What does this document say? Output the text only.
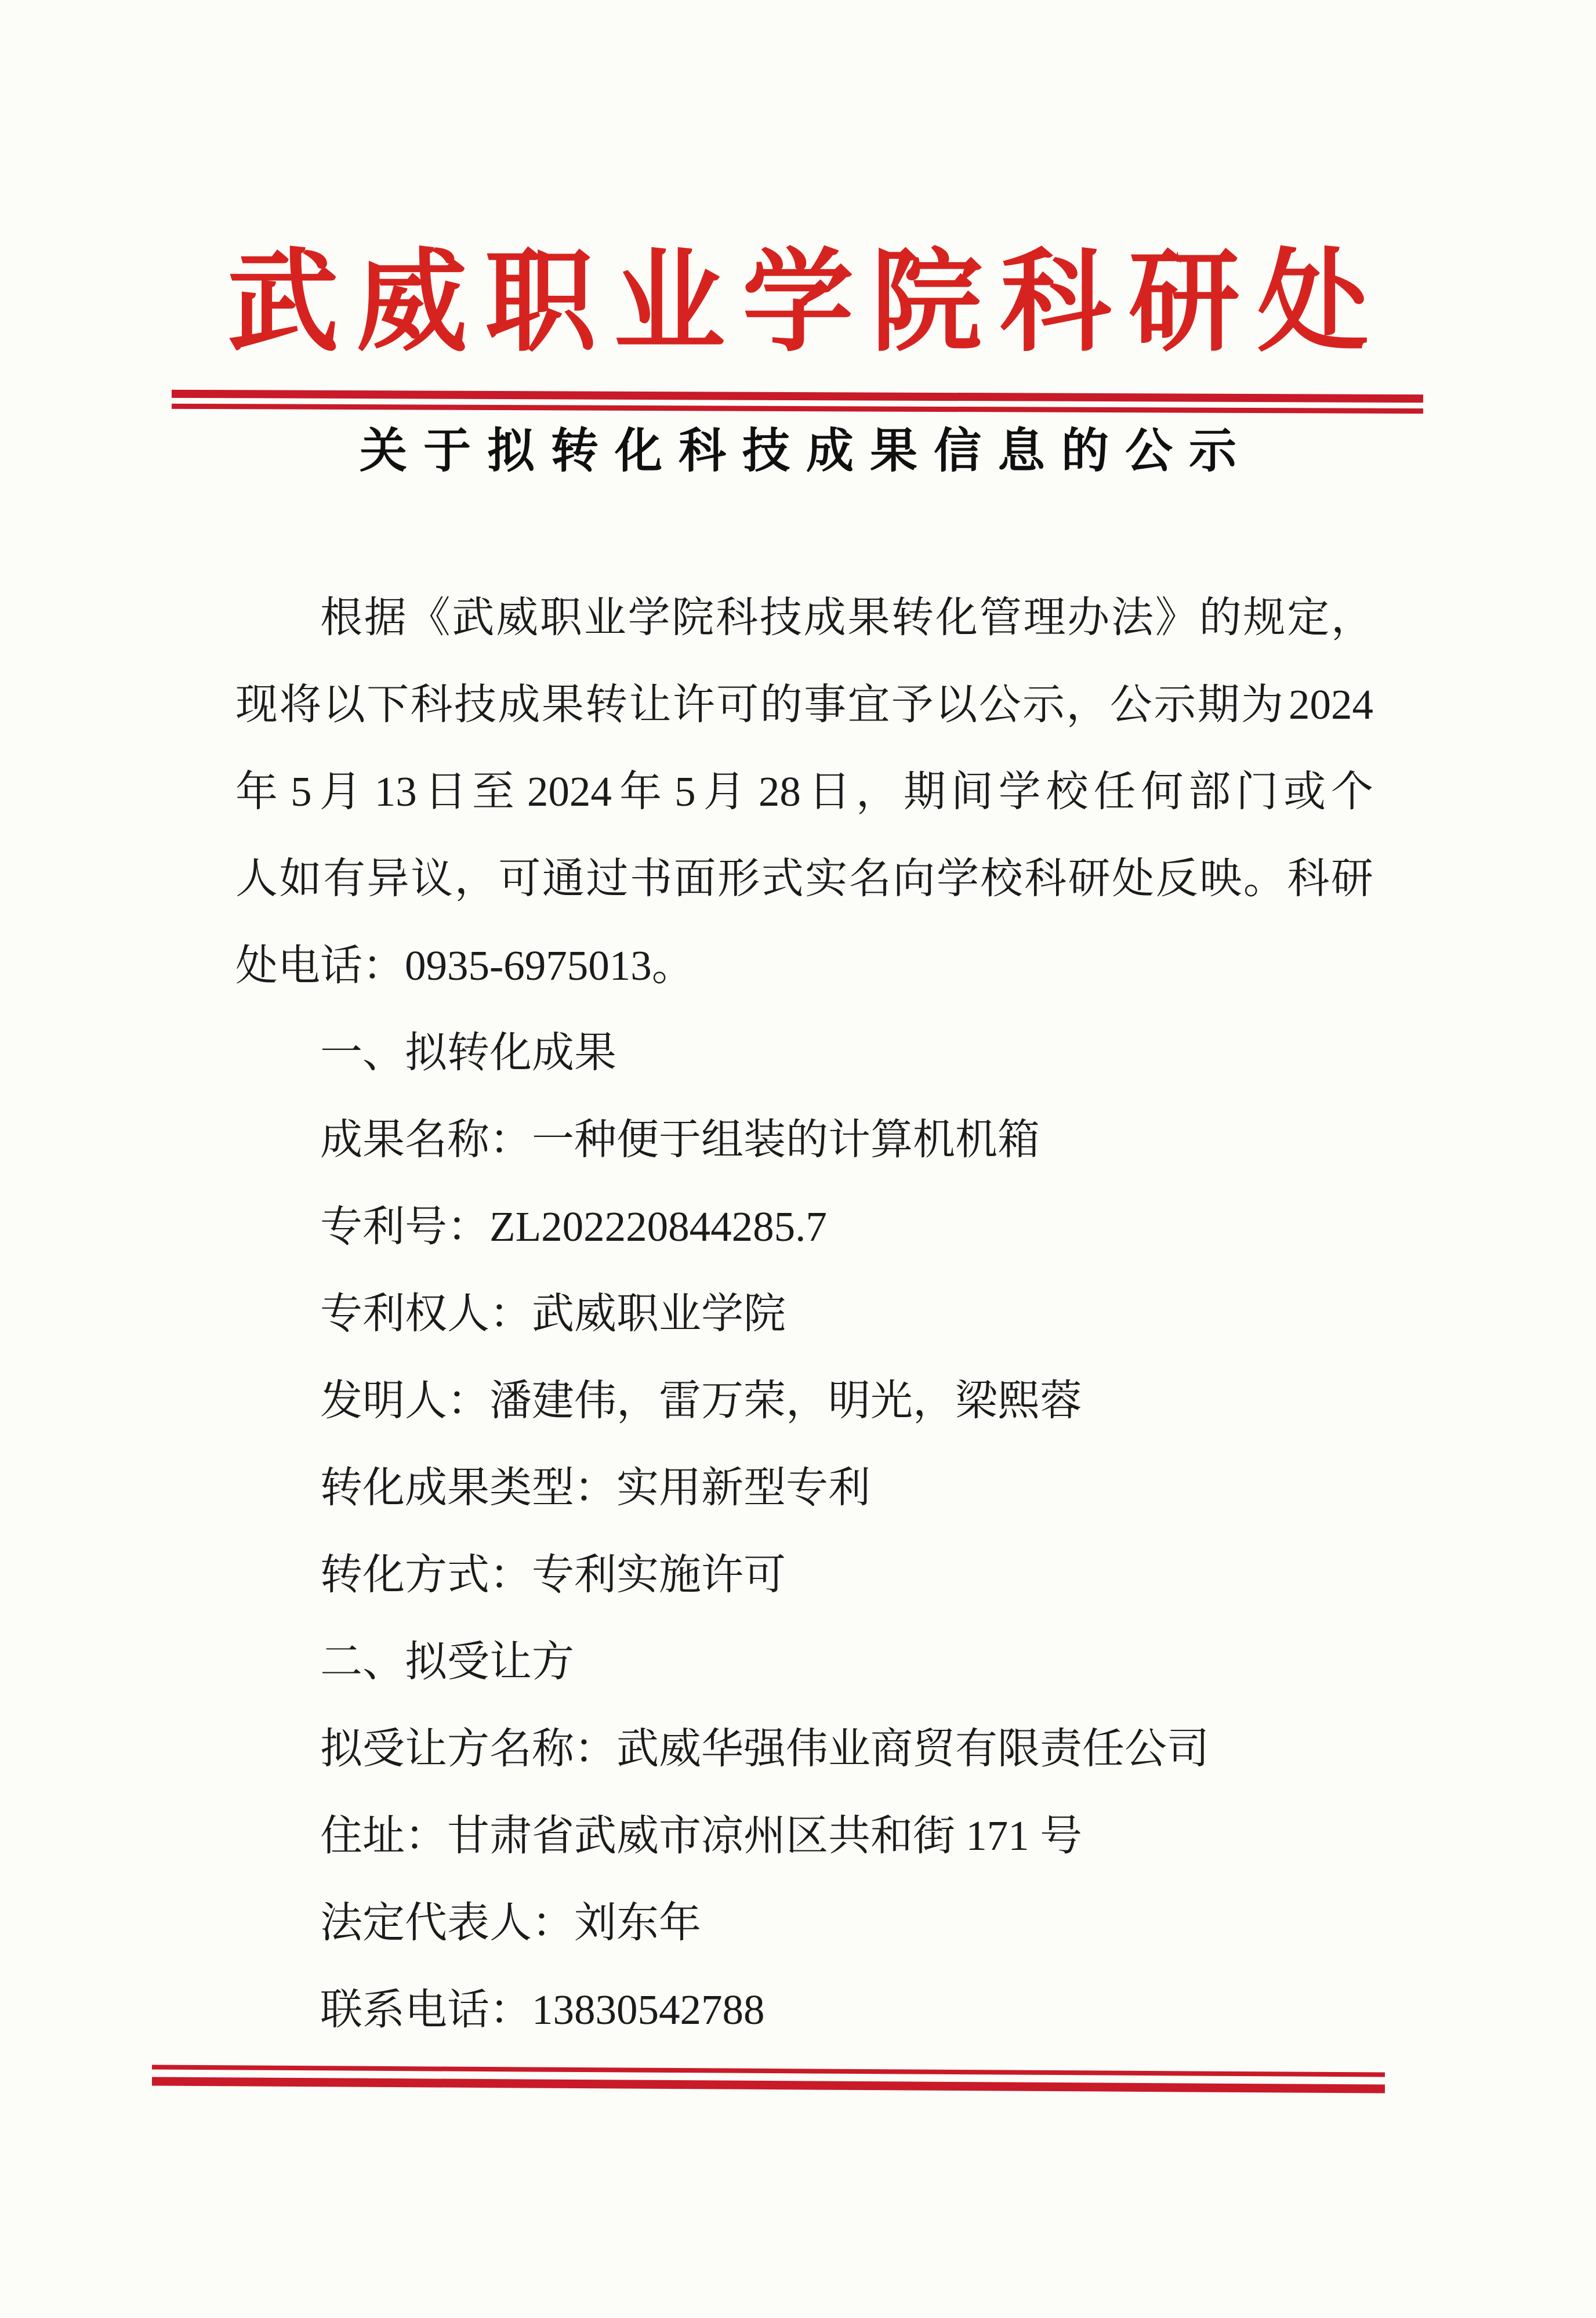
武威职业学院科研处
关于拟转化科技成果信息的公示
根据《武威职业学院科技成果转化管理办法》的规定，
现将以下科技成果转让许可的事宜予以公示，公示期为 2024
年 5 月 13 日至 2024 年 5 月 28 日，期间学校任何部门或个
人如有异议，可通过书面形式实名向学校科研处反映。科研
处电话：0935-6975013。
一、拟转化成果
成果名称：一种便于组装的计算机机箱
专利号：ZL202220844285.7
专利权人：武威职业学院
发明人：潘建伟，雷万荣，明光，梁熙蓉
转化成果类型：实用新型专利
转化方式：专利实施许可
二、拟受让方
拟受让方名称：武威华强伟业商贸有限责任公司
住址：甘肃省武威市凉州区共和街 171 号
法定代表人：刘东年
联系电话：13830542788
